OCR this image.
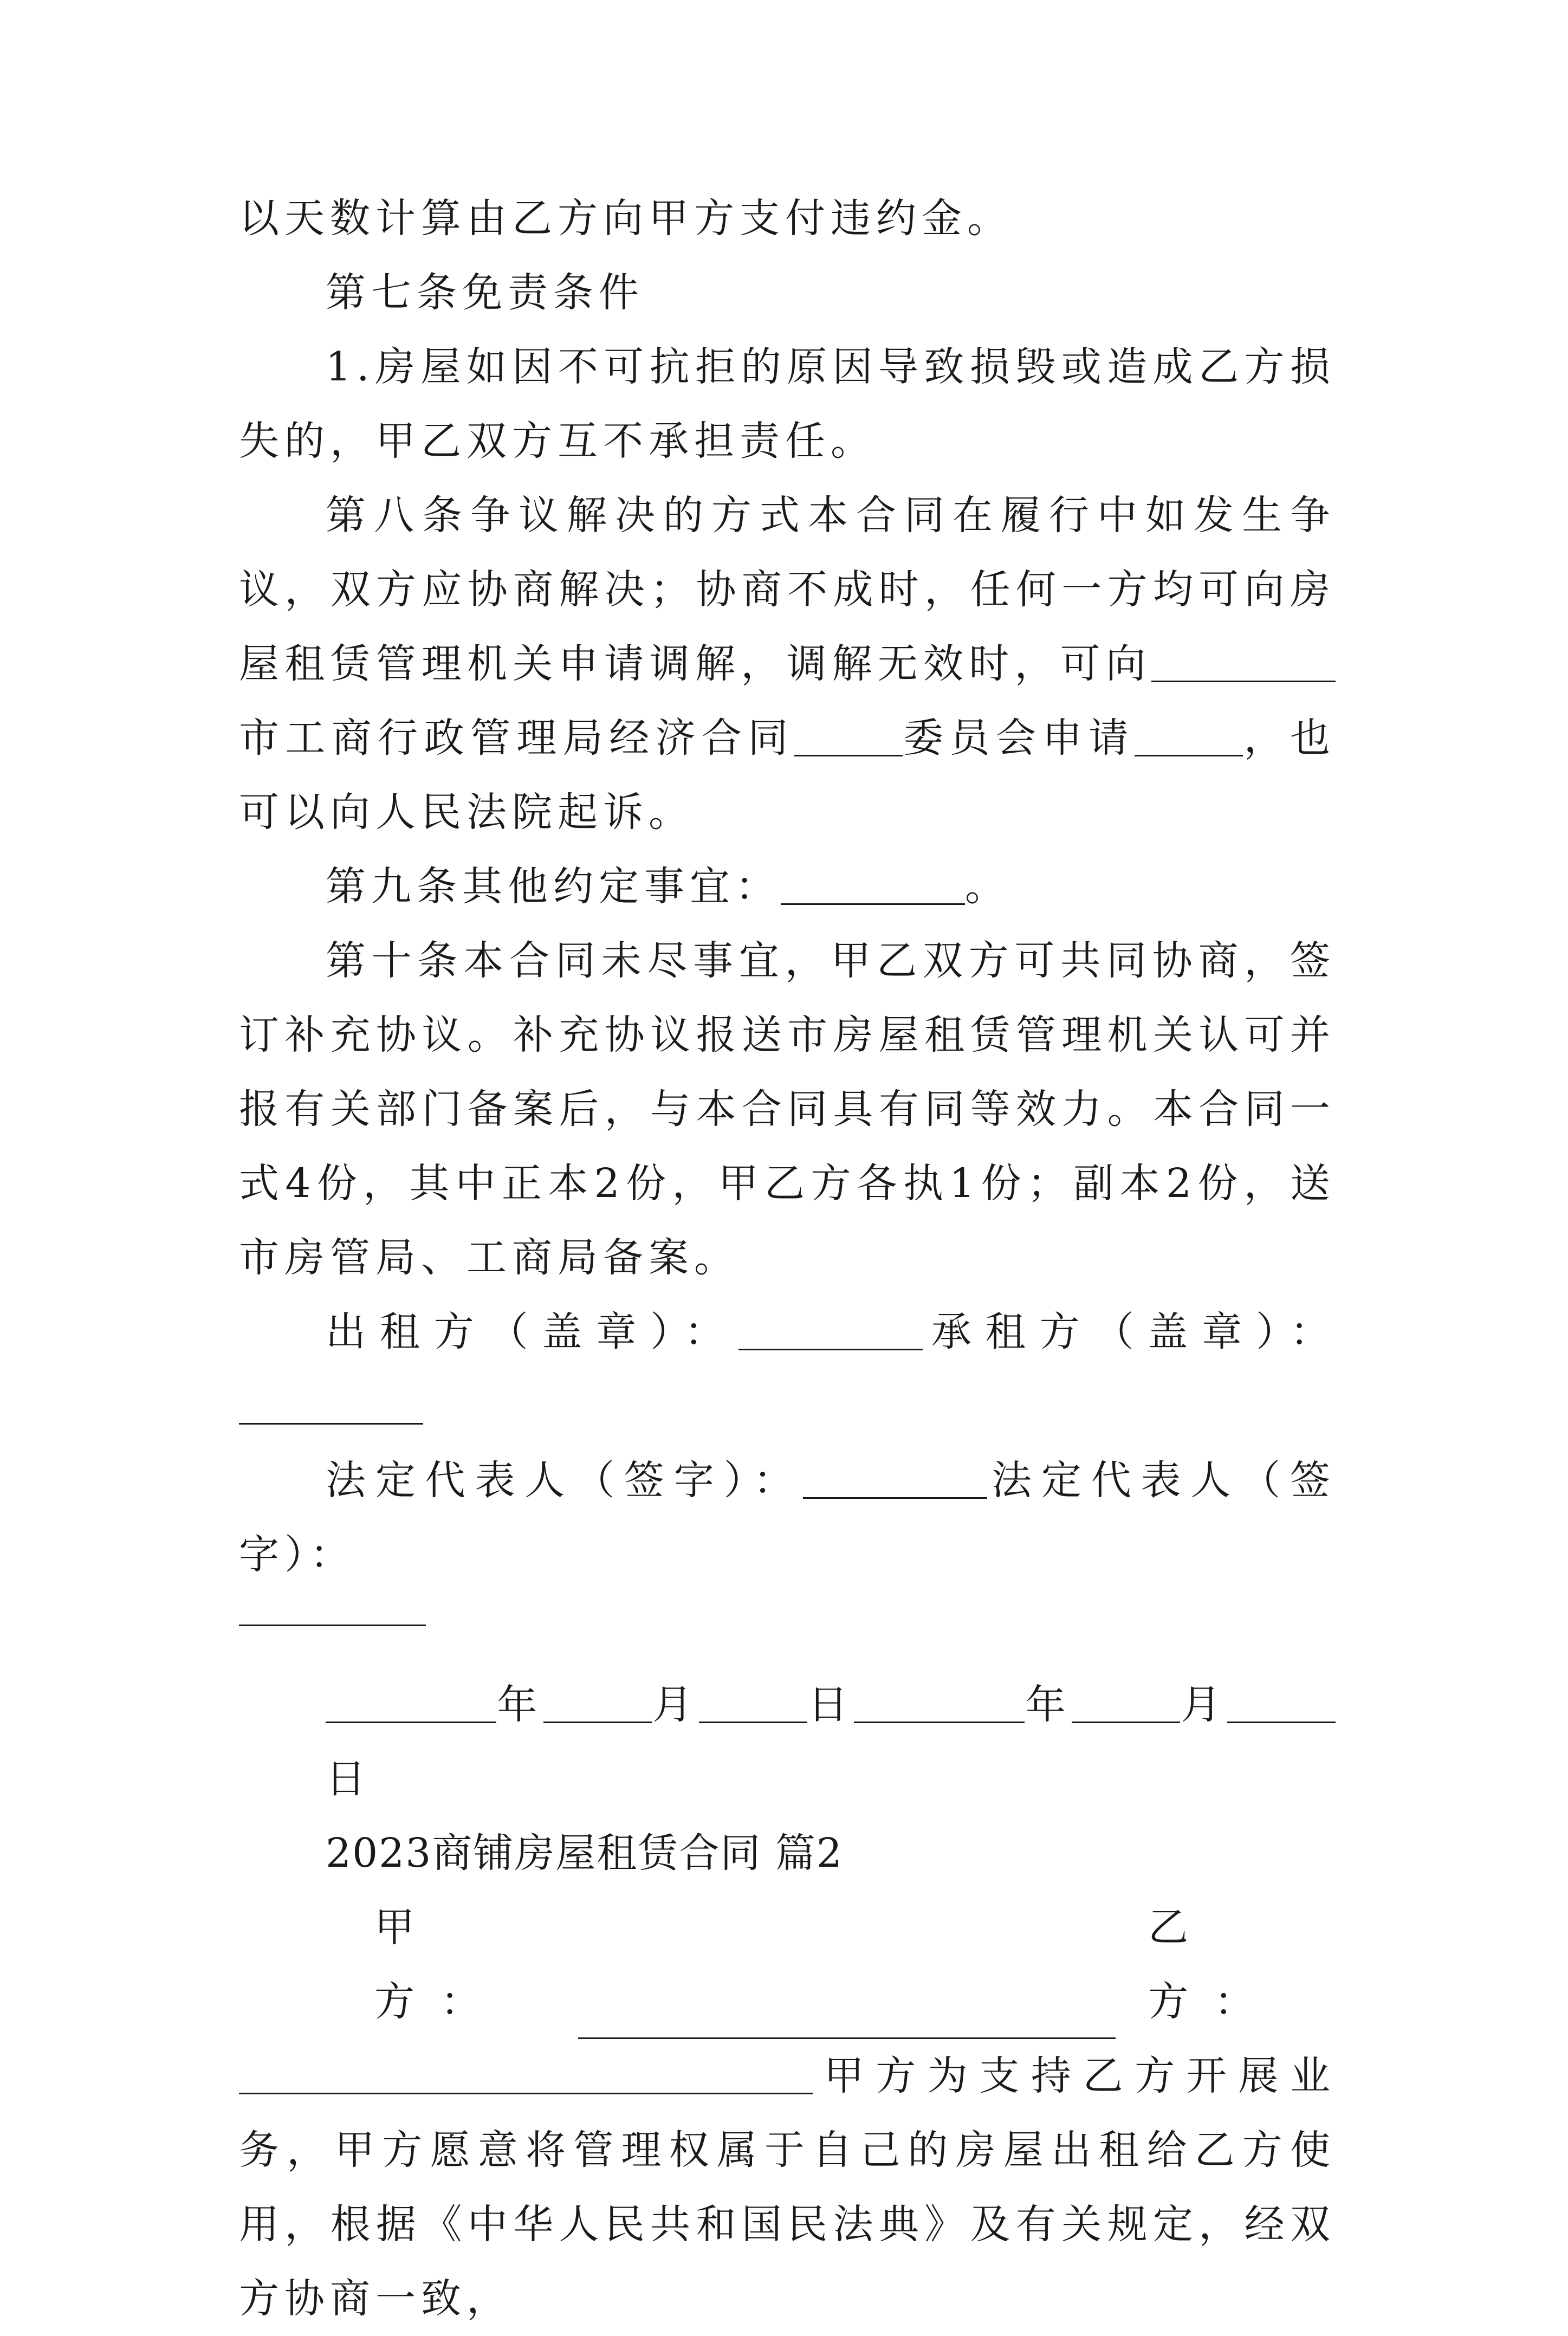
以天数计算由乙方向甲方支付违约金。

第七条免责条件

1.房屋如因不可抗拒的原因导致损毁或造成乙方损失的，甲乙双方互不承担责任。

第八条争议解决的方式本合同在履行中如发生争议，双方应协商解决；协商不成时，任何一方均可向房屋租赁管理机关申请调解，调解无效时，可向市工商行政管理局经济合同	委员会申请	，也可以向人民法院起诉。

第九条其他约定事宜：	。

第十条本合同未尽事宜，甲乙双方可共同协商，签订补充协议。补充协议报送市房屋租赁管理机关认可并报有关部门备案后，与本合同具有同等效力。本合同一式4份，其中正本2份，甲乙方各执1份；副本2份，送市房管局、工商局备案。

出租方（盖章）：	承租方（盖章）：

法定代表人（签字）：	法定代表人（签字）：

年	月	日	年	月日

2023商铺房屋租赁合同 篇2

甲方：
乙方：

甲方为支持乙方开展业务，甲方愿意将管理权属于自己的房屋出租给乙方使用，根据《中华人民共和国民法典》及有关规定，经双方协商一致，
